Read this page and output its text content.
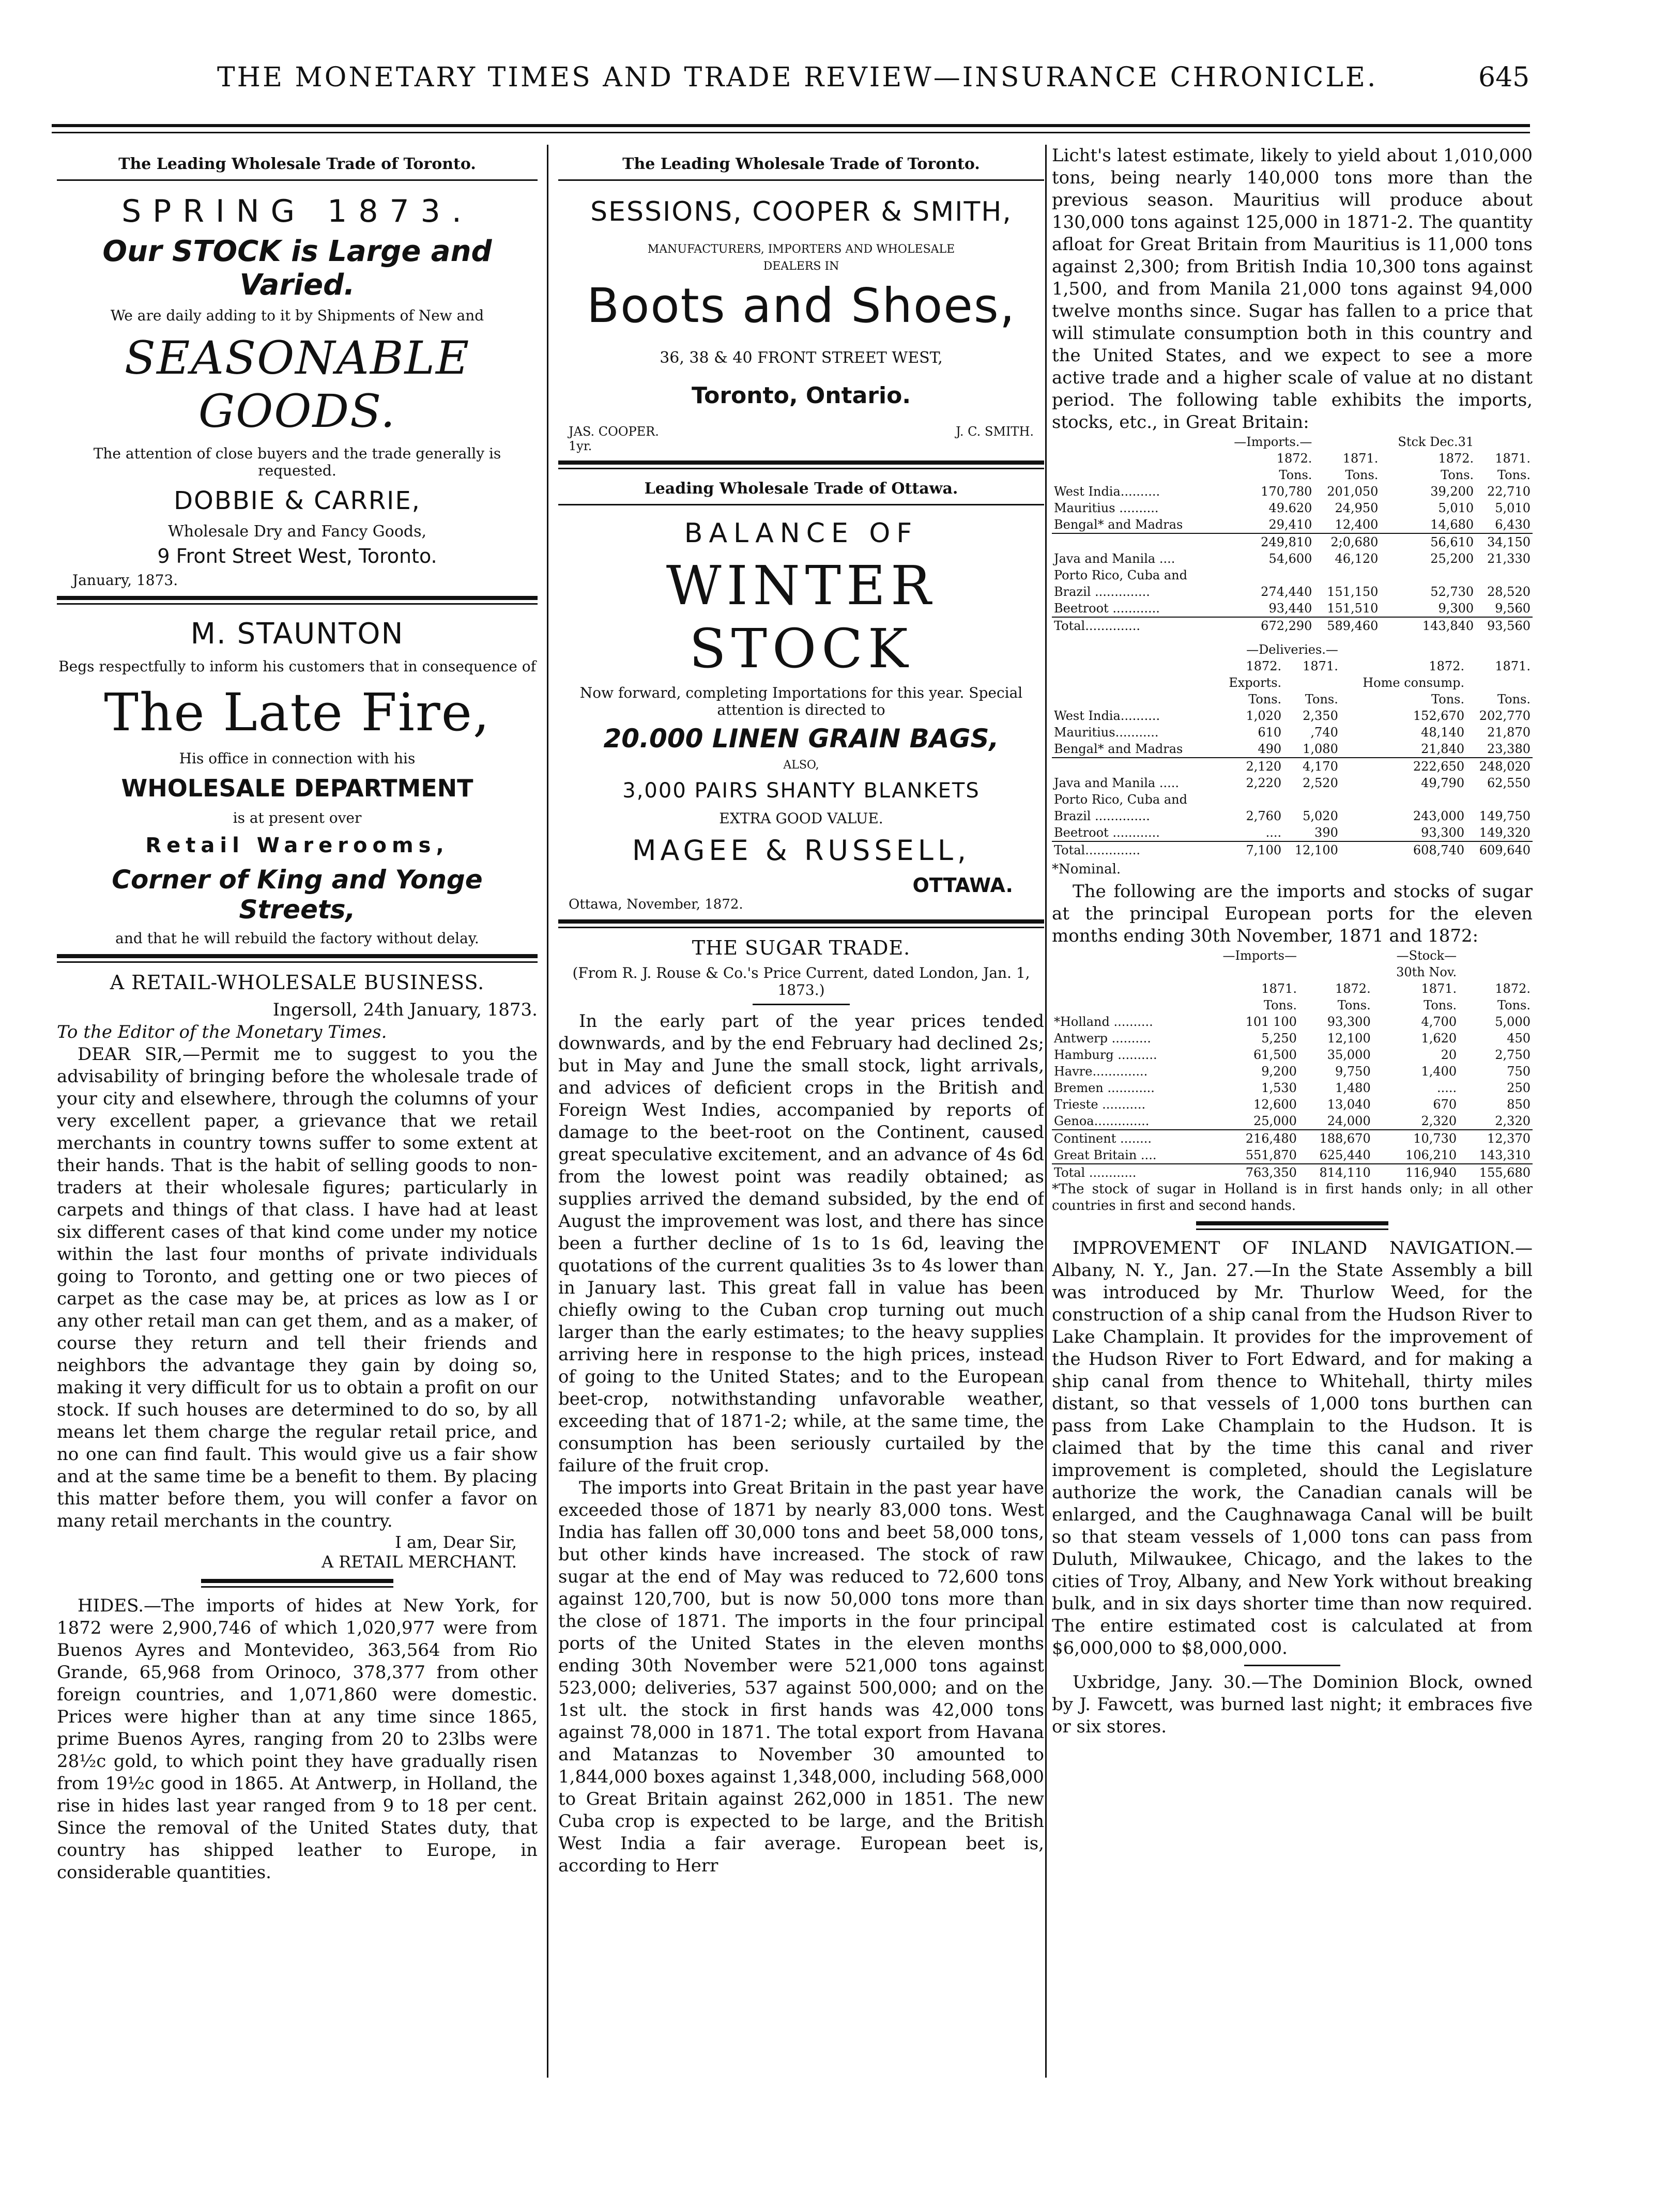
THE MONETARY TIMES AND TRADE REVIEW—INSURANCE CHRONICLE.	645
The Leading Wholesale Trade of Toronto.
SPRING 1873.
Our STOCK is Large and Varied.
We are daily adding to it by Shipments of New and
SEASONABLE GOODS.
The attention of close buyers and the trade generally is requested.
DOBBIE & CARRIE,
Wholesale Dry and Fancy Goods,
9 Front Street West, Toronto.
January, 1873.
M. STAUNTON
Begs respectfully to inform his customers that in consequence of
The Late Fire,
His office in connection with his
WHOLESALE DEPARTMENT
is at present over
Retail Warerooms,
Corner of King and Yonge Streets,
and that he will rebuild the factory without delay.
A RETAIL-WHOLESALE BUSINESS.

Ingersoll, 24th January, 1873.

To the Editor of the Monetary Times.

DEAR SIR,—Permit me to suggest to you the advisability of bringing before the wholesale trade of your city and elsewhere, through the columns of your very excellent paper, a grievance that we retail merchants in country towns suffer to some extent at their hands. That is the habit of selling goods to non-traders at their wholesale figures; particularly in carpets and things of that class. I have had at least six different cases of that kind come under my notice within the last four months of private individuals going to Toronto, and getting one or two pieces of carpet as the case may be, at prices as low as I or any other retail man can get them, and as a maker, of course they return and tell their friends and neighbors the advantage they gain by doing so, making it very difficult for us to obtain a profit on our stock. If such houses are determined to do so, by all means let them charge the regular retail price, and no one can find fault. This would give us a fair show and at the same time be a benefit to them. By placing this matter before them, you will confer a favor on many retail merchants in the country.

I am, Dear Sir,

A RETAIL MERCHANT.

HIDES.—The imports of hides at New York, for 1872 were 2,900,746 of which 1,020,977 were from Buenos Ayres and Montevideo, 363,564 from Rio Grande, 65,968 from Orinoco, 378,377 from other foreign countries, and 1,071,860 were domestic. Prices were higher than at any time since 1865, prime Buenos Ayres, ranging from 20 to 23lbs were 28½c gold, to which point they have gradually risen from 19½c good in 1865. At Antwerp, in Holland, the rise in hides last year ranged from 9 to 18 per cent. Since the removal of the United States duty, that country has shipped leather to Europe, in considerable quantities.

The Leading Wholesale Trade of Toronto.
SESSIONS, COOPER & SMITH,
MANUFACTURERS, IMPORTERS AND WHOLESALE
DEALERS IN
Boots and Shoes,
36, 38 & 40 FRONT STREET WEST,
Toronto, Ontario.
JAS. COOPER.	J. C. SMITH.
1yr.
Leading Wholesale Trade of Ottawa.
BALANCE OF
WINTER STOCK
Now forward, completing Importations for this year. Special attention is directed to
20.000 LINEN GRAIN BAGS,
ALSO,
3,000 PAIRS SHANTY BLANKETS
EXTRA GOOD VALUE.
MAGEE & RUSSELL,
OTTAWA.
Ottawa, November, 1872.
THE SUGAR TRADE.
(From R. J. Rouse & Co.'s Price Current, dated London, Jan. 1, 1873.)

In the early part of the year prices tended downwards, and by the end February had declined 2s; but in May and June the small stock, light arrivals, and advices of deficient crops in the British and Foreign West Indies, accompanied by reports of damage to the beet-root on the Continent, caused great speculative excitement, and an advance of 4s 6d from the lowest point was readily obtained; as supplies arrived the demand subsided, by the end of August the improvement was lost, and there has since been a further decline of 1s to 1s 6d, leaving the quotations of the current qualities 3s to 4s lower than in January last. This great fall in value has been chiefly owing to the Cuban crop turning out much larger than the early estimates; to the heavy supplies arriving here in response to the high prices, instead of going to the United States; and to the European beet-crop, notwithstanding unfavorable weather, exceeding that of 1871-2; while, at the same time, the consumption has been seriously curtailed by the failure of the fruit crop.

The imports into Great Britain in the past year have exceeded those of 1871 by nearly 83,000 tons. West India has fallen off 30,000 tons and beet 58,000 tons, but other kinds have increased. The stock of raw sugar at the end of May was reduced to 72,600 tons against 120,700, but is now 50,000 tons more than the close of 1871. The imports in the four principal ports of the United States in the eleven months ending 30th November were 521,000 tons against 523,000; deliveries, 537 against 500,000; and on the 1st ult. the stock in first hands was 42,000 tons against 78,000 in 1871. The total export from Havana and Matanzas to November 30 amounted to 1,844,000 boxes against 1,348,000, including 568,000 to Great Britain against 262,000 in 1851. The new Cuba crop is expected to be large, and the British West India a fair average. European beet is, according to Herr

Licht's latest estimate, likely to yield about 1,010,000 tons, being nearly 140,000 tons more than the previous season. Mauritius will produce about 130,000 tons against 125,000 in 1871-2. The quantity afloat for Great Britain from Mauritius is 11,000 tons against 2,300; from British India 10,300 tons against 1,500, and from Manila 21,000 tons against 94,000 twelve months since. Sugar has fallen to a price that will stimulate consumption both in this country and the United States, and we expect to see a more active trade and a higher scale of value at no distant period. The following table exhibits the imports, stocks, etc., in Great Britain:

	—Imports.—		Stck Dec.31	
	1872.	1871.	1872.	1871.
	Tons.	Tons.	Tons.	Tons.
West India..........	170,780	201,050	39,200	22,710
Mauritius ..........	49.620	24,950	5,010	5,010
Bengal* and Madras	29,410	12,400	14,680	6,430
	249,810	2;0,680	56,610	34,150
Java and Manila ....	54,600	46,120	25,200	21,330
Porto Rico, Cuba and				
Brazil ..............	274,440	151,150	52,730	28,520
Beetroot ............	93,440	151,510	9,300	9,560
Total..............	672,290	589,460	143,840	93,560
—Deliveries.—				
	1872.	1871.	1872.	1871.
	Exports.		Home consump.	
	Tons.	Tons.	Tons.	Tons.
West India..........	1,020	2,350	152,670	202,770
Mauritius...........	610	,740	48,140	21,870
Bengal* and Madras	490	1,080	21,840	23,380
	2,120	4,170	222,650	248,020
Java and Manila .....	2,220	2,520	49,790	62,550
Porto Rico, Cuba and				
Brazil ..............	2,760	5,020	243,000	149,750
Beetroot ............	....	390	93,300	149,320
Total..............	7,100	12,100	608,740	609,640

*Nominal.

The following are the imports and stocks of sugar at the principal European ports for the eleven months ending 30th November, 1871 and 1872:

	—Imports—		—Stock—	
			30th Nov.	
	1871.	1872.	1871.	1872.
	Tons.	Tons.	Tons.	Tons.
*Holland ..........	101 100	93,300	4,700	5,000
Antwerp ..........	5,250	12,100	1,620	450
Hamburg ..........	61,500	35,000	20	2,750
Havre..............	9,200	9,750	1,400	750
Bremen ............	1,530	1,480	.....	250
Trieste ...........	12,600	13,040	670	850
Genoa..............	25,000	24,000	2,320	2,320
Continent ........	216,480	188,670	10,730	12,370
Great Britain ....	551,870	625,440	106,210	143,310
Total ............	763,350	814,110	116,940	155,680

*The stock of sugar in Holland is in first hands only; in all other countries in first and second hands.

IMPROVEMENT OF INLAND NAVIGATION.—Albany, N. Y., Jan. 27.—In the State Assembly a bill was introduced by Mr. Thurlow Weed, for the construction of a ship canal from the Hudson River to Lake Champlain. It provides for the improvement of the Hudson River to Fort Edward, and for making a ship canal from thence to Whitehall, thirty miles distant, so that vessels of 1,000 tons burthen can pass from Lake Champlain to the Hudson. It is claimed that by the time this canal and river improvement is completed, should the Legislature authorize the work, the Canadian canals will be enlarged, and the Caughnawaga Canal will be built so that steam vessels of 1,000 tons can pass from Duluth, Milwaukee, Chicago, and the lakes to the cities of Troy, Albany, and New York without breaking bulk, and in six days shorter time than now required. The entire estimated cost is calculated at from $6,000,000 to $8,000,000.

Uxbridge, Jany. 30.—The Dominion Block, owned by J. Fawcett, was burned last night; it embraces five or six stores.
